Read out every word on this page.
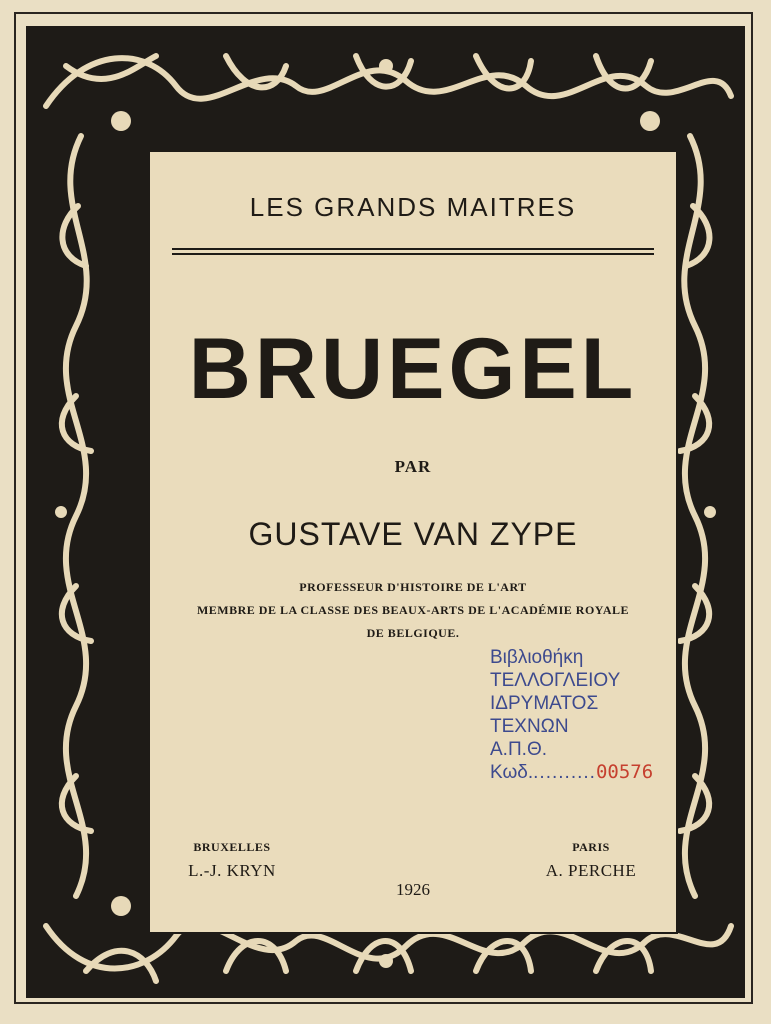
LES GRANDS MAITRES

BRUEGEL

PAR

GUSTAVE VAN ZYPE

PROFESSEUR D'HISTOIRE DE L'ART

MEMBRE DE LA CLASSE DES BEAUX-ARTS DE L'ACADÉMIE ROYALE

DE BELGIQUE.

Βιβλιοθήκη
ΤΕΛΛΟΓΛΕΙΟΥ
ΙΔΡΥΜΑΤΟΣ
ΤΕΧΝΩΝ
Α.Π.Θ.
Κωδ...........00576

BRUXELLES

L.-J. KRYN

PARIS

A. PERCHE

1926
